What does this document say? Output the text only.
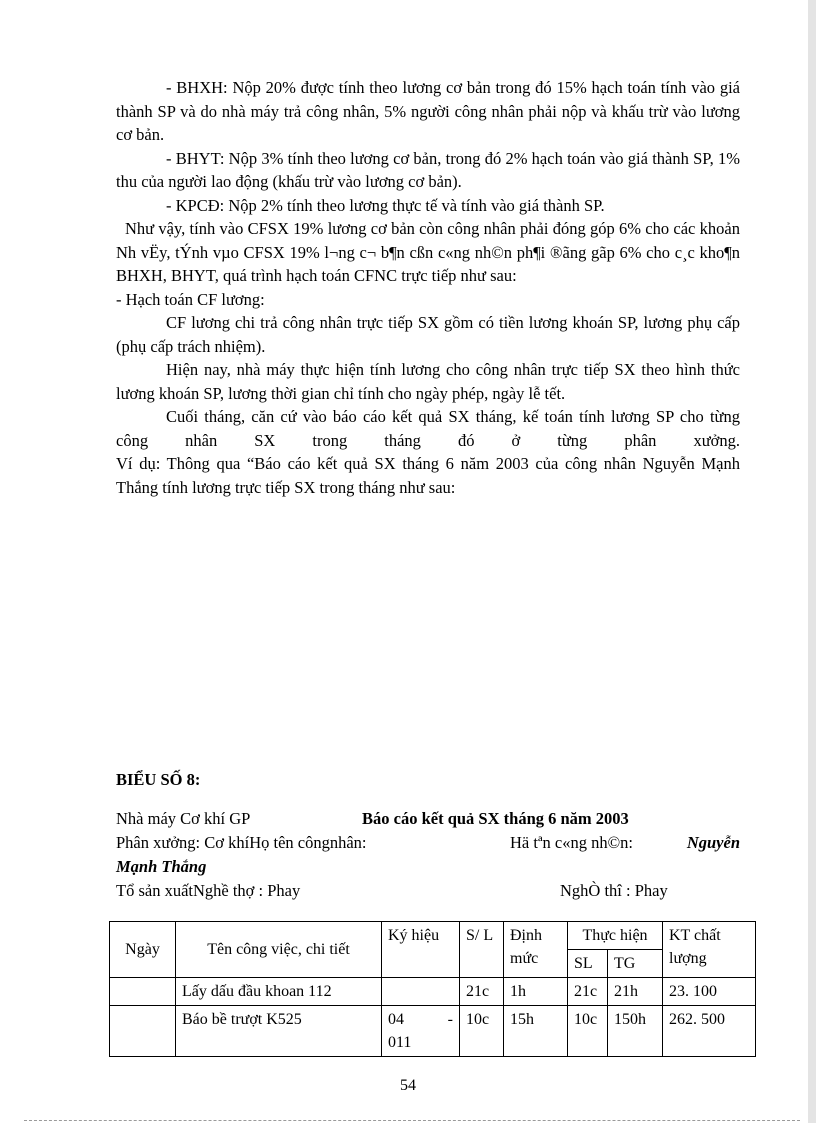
- BHXH: Nộp 20% được tính theo lương cơ bản trong đó 15% hạch toán tính vào giá thành SP và do nhà máy trả công nhân, 5% người công nhân phải nộp và khấu trừ vào lương cơ bản.

- BHYT: Nộp 3% tính theo lương cơ bản, trong đó 2% hạch toán vào giá thành SP, 1% thu của người lao động (khấu trừ vào lương cơ bản).

- KPCĐ: Nộp 2% tính theo lương thực tế và tính vào giá thành SP.

Như vậy, tính vào CFSX 19% lương cơ bản còn công nhân phải đóng góp 6% cho các khoản Nh vËy, tÝnh vµo CFSX 19% l¬ng c¬ b¶n cßn c«ng nh©n ph¶i ®ãng gãp 6% cho c¸c kho¶n BHXH, BHYT, quá trình hạch toán CFNC trực tiếp như sau:

- Hạch toán CF lương:

CF lương chi trả công nhân trực tiếp SX gồm có tiền lương khoán SP, lương phụ cấp (phụ cấp trách nhiệm).

Hiện nay, nhà máy thực hiện tính lương cho công nhân trực tiếp SX theo hình thức lương khoán SP, lương thời gian chỉ tính cho ngày phép, ngày lễ tết.

Cuối tháng, căn cứ vào báo cáo kết quả SX tháng, kế toán tính lương SP cho từng công nhân SX trong tháng đó ở từng phân xưởng.

Ví dụ: Thông qua “Báo cáo kết quả SX tháng 6 năm 2003 của công nhân Nguyễn Mạnh Thắng tính lương trực tiếp SX trong tháng như sau:

BIỂU SỐ 8:
Nhà máy Cơ khí GP	Báo cáo kết quả SX tháng 6 năm 2003
Phân xưởng: Cơ khíHọ tên côngnhân:	Hä tªn c«ng nh©n:	Nguyễn
Mạnh Thắng
Tổ sản xuấtNghề thợ : Phay	NghÒ thî : Phay
Ngày	Tên công việc, chi tiết	Ký hiệu	S/ L	Định mức	Thực hiện		KT chất lượng
					SL	TG	
	Lấy dấu đầu khoan 112		21c	1h	21c	21h	23. 100
	Báo bề trượt K525	04 -
011	10c	15h	10c	150h	262. 500
54
